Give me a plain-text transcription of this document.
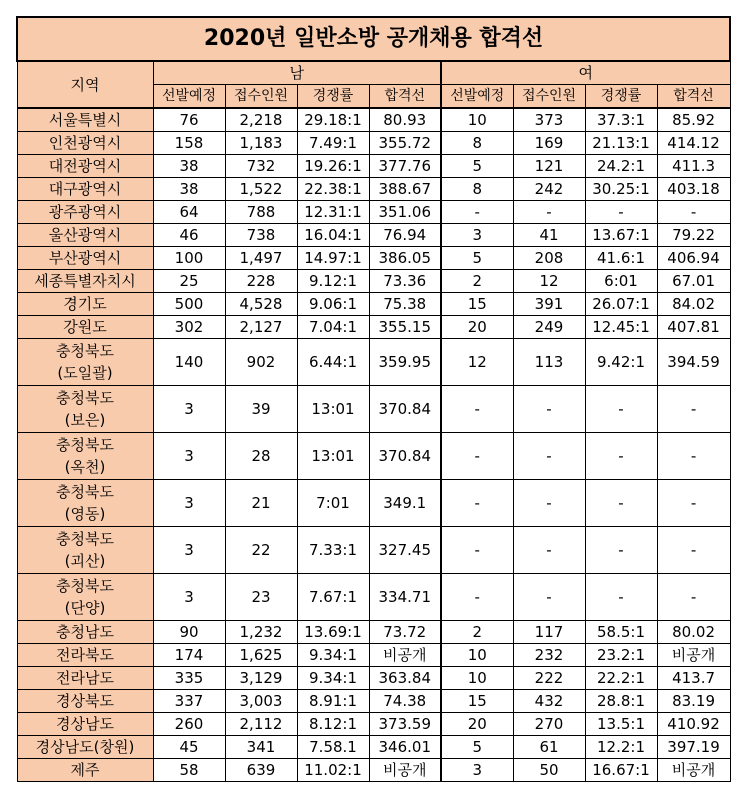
2020년 일반소방 공개채용 합격선								
지역	남				여			
	선발예정	접수인원	경쟁률	합격선	선발예정	접수인원	경쟁률	합격선

서울특별시	76	2,218	29.18:1	80.93	10	373	37.3:1	85.92

인천광역시	158	1,183	7.49:1	355.72	8	169	21.13:1	414.12

대전광역시	38	732	19.26:1	377.76	5	121	24.2:1	411.3

대구광역시	38	1,522	22.38:1	388.67	8	242	30.25:1	403.18

광주광역시	64	788	12.31:1	351.06	-	-	-	-

울산광역시	46	738	16.04:1	76.94	3	41	13.67:1	79.22

부산광역시	100	1,497	14.97:1	386.05	5	208	41.6:1	406.94

세종특별자치시	25	228	9.12:1	73.36	2	12	6:01	67.01

경기도	500	4,528	9.06:1	75.38	15	391	26.07:1	84.02

강원도	302	2,127	7.04:1	355.15	20	249	12.45:1	407.81

충청북도
(도일괄)	140	902	6.44:1	359.95	12	113	9.42:1	394.59

충청북도
(보은)	3	39	13:01	370.84	-	-	-	-

충청북도
(옥천)	3	28	13:01	370.84	-	-	-	-

충청북도
(영동)	3	21	7:01	349.1	-	-	-	-

충청북도
(괴산)	3	22	7.33:1	327.45	-	-	-	-

충청북도
(단양)	3	23	7.67:1	334.71	-	-	-	-

충청남도	90	1,232	13.69:1	73.72	2	117	58.5:1	80.02

전라북도	174	1,625	9.34:1	비공개	10	232	23.2:1	비공개

전라남도	335	3,129	9.34:1	363.84	10	222	22.2:1	413.7

경상북도	337	3,003	8.91:1	74.38	15	432	28.8:1	83.19

경상남도	260	2,112	8.12:1	373.59	20	270	13.5:1	410.92

경상남도(창원)	45	341	7.58.1	346.01	5	61	12.2:1	397.19

제주	58	639	11.02:1	비공개	3	50	16.67:1	비공개
